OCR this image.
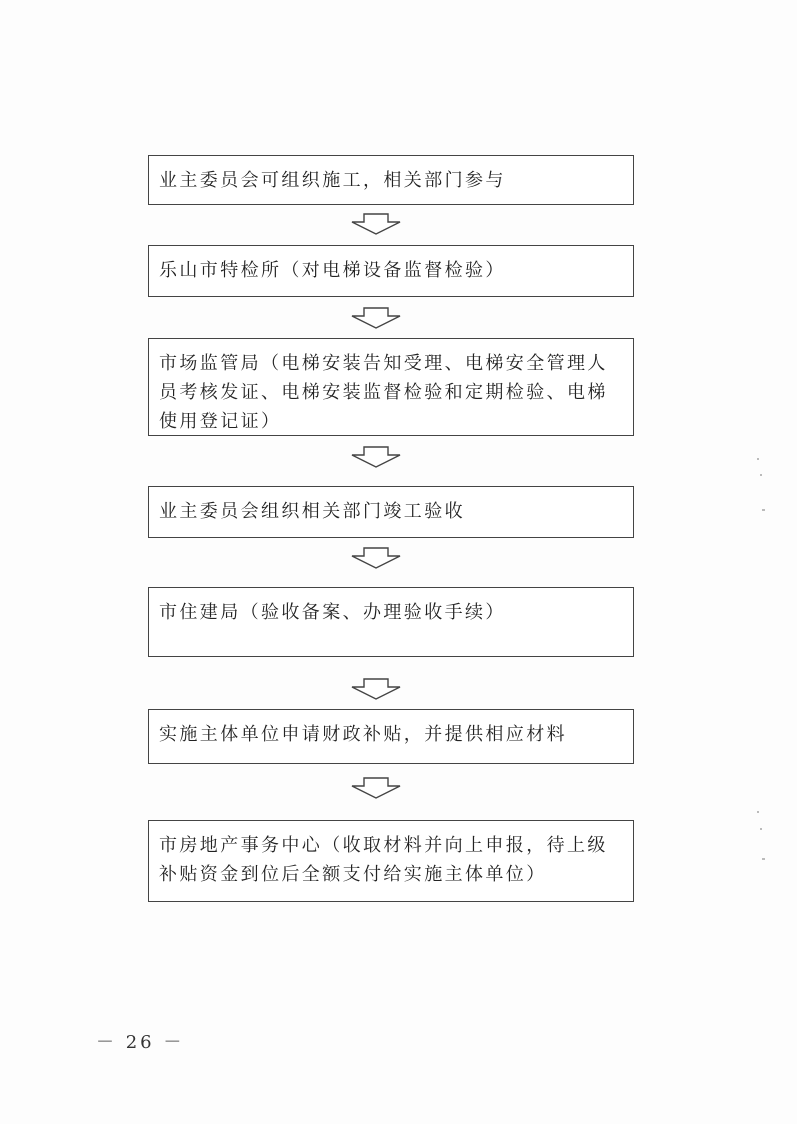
业主委员会可组织施工，相关部门参与
乐山市特检所（对电梯设备监督检验）
市场监管局（电梯安装告知受理、电梯安全管理人员考核发证、电梯安装监督检验和定期检验、电梯使用登记证）
业主委员会组织相关部门竣工验收
市住建局（验收备案、办理验收手续）
实施主体单位申请财政补贴，并提供相应材料
市房地产事务中心（收取材料并向上申报，待上级补贴资金到位后全额支付给实施主体单位）
－ 26 －
